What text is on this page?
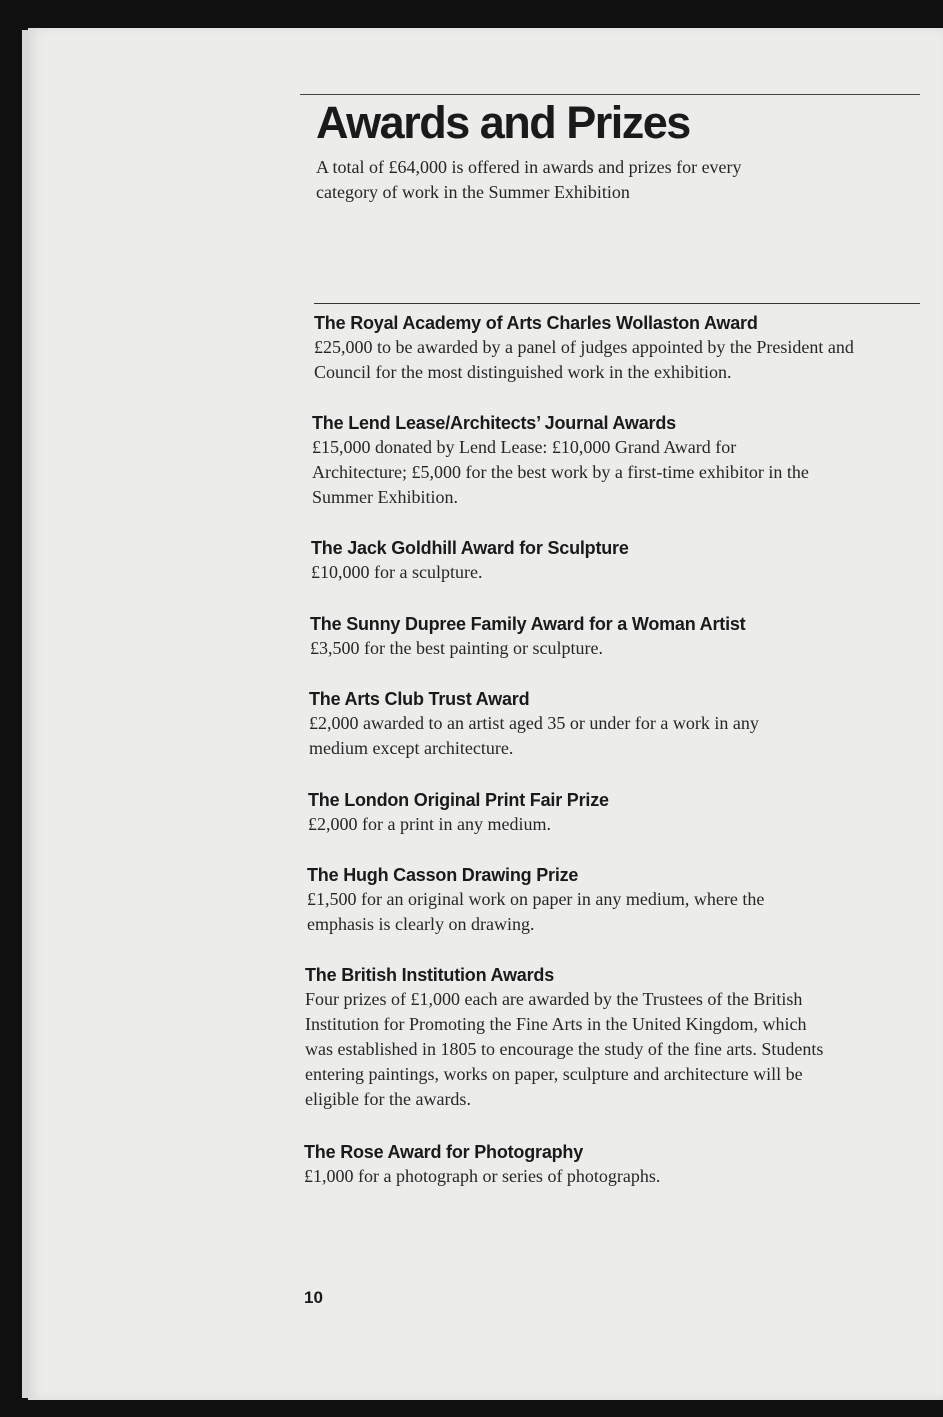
Awards and Prizes
A total of £64,000 is offered in awards and prizes for every category of work in the Summer Exhibition
The Royal Academy of Arts Charles Wollaston Award

£25,000 to be awarded by a panel of judges appointed by the President and Council for the most distinguished work in the exhibition.

The Lend Lease/Architects’ Journal Awards

£15,000 donated by Lend Lease: £10,000 Grand Award for Architecture; £5,000 for the best work by a first-time exhibitor in the Summer Exhibition.

The Jack Goldhill Award for Sculpture

£10,000 for a sculpture.

The Sunny Dupree Family Award for a Woman Artist

£3,500 for the best painting or sculpture.

The Arts Club Trust Award

£2,000 awarded to an artist aged 35 or under for a work in any medium except architecture.

The London Original Print Fair Prize

£2,000 for a print in any medium.

The Hugh Casson Drawing Prize

£1,500 for an original work on paper in any medium, where the emphasis is clearly on drawing.

The British Institution Awards

Four prizes of £1,000 each are awarded by the Trustees of the British Institution for Promoting the Fine Arts in the United Kingdom, which was established in 1805 to encourage the study of the fine arts. Students entering paintings, works on paper, sculpture and architecture will be eligible for the awards.

The Rose Award for Photography

£1,000 for a photograph or series of photographs.

10
